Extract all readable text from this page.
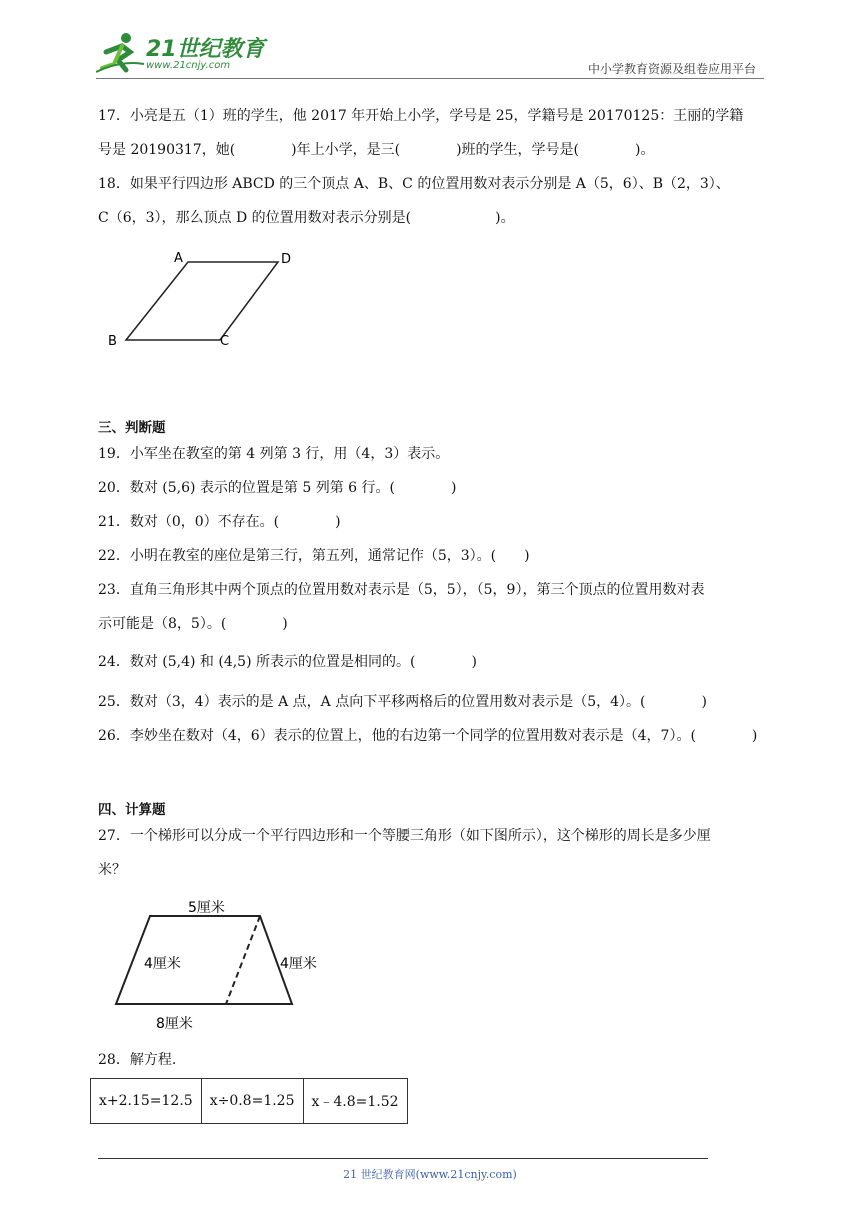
21世纪教育
www.21cnjy.com	中小学教育资源及组卷应用平台
17．小亮是五（1）班的学生，他 2017 年开始上小学，学号是 25，学籍号是 20170125：王丽的学籍
号是 20190317，她(　　　　)年上小学，是三(　　　　)班的学生，学号是(　　　　)。
18．如果平行四边形 ABCD 的三个顶点 A、B、C 的位置用数对表示分别是 A（5，6）、B（2，3）、
C（6，3），那么顶点 D 的位置用数对表示分别是(　　　　　　)。
A	D
B	C
三、判断题
19．小军坐在教室的第 4 列第 3 行，用（4，3）表示。
20．数对 (5,6) 表示的位置是第 5 列第 6 行。(　　　　)
21．数对（0，0）不存在。(　　　　)
22．小明在教室的座位是第三行，第五列，通常记作（5，3）。(　　)
23．直角三角形其中两个顶点的位置用数对表示是（5，5），（5，9），第三个顶点的位置用数对表
示可能是（8，5）。(　　　　)
24．数对 (5,4) 和 (4,5) 所表示的位置是相同的。(　　　　)
25．数对（3，4）表示的是 A 点，A 点向下平移两格后的位置用数对表示是（5，4）。(　　　　)
26．李妙坐在数对（4，6）表示的位置上，他的右边第一个同学的位置用数对表示是（4，7）。(　　　　)
四、计算题
27．一个梯形可以分成一个平行四边形和一个等腰三角形（如下图所示），这个梯形的周长是多少厘
米？
5厘米
4厘米	4厘米
8厘米
28．解方程.
x+2.15=12.5	x÷0.8=1.25	x﹣4.8=1.52
21 世纪教育网(www.21cnjy.com)
